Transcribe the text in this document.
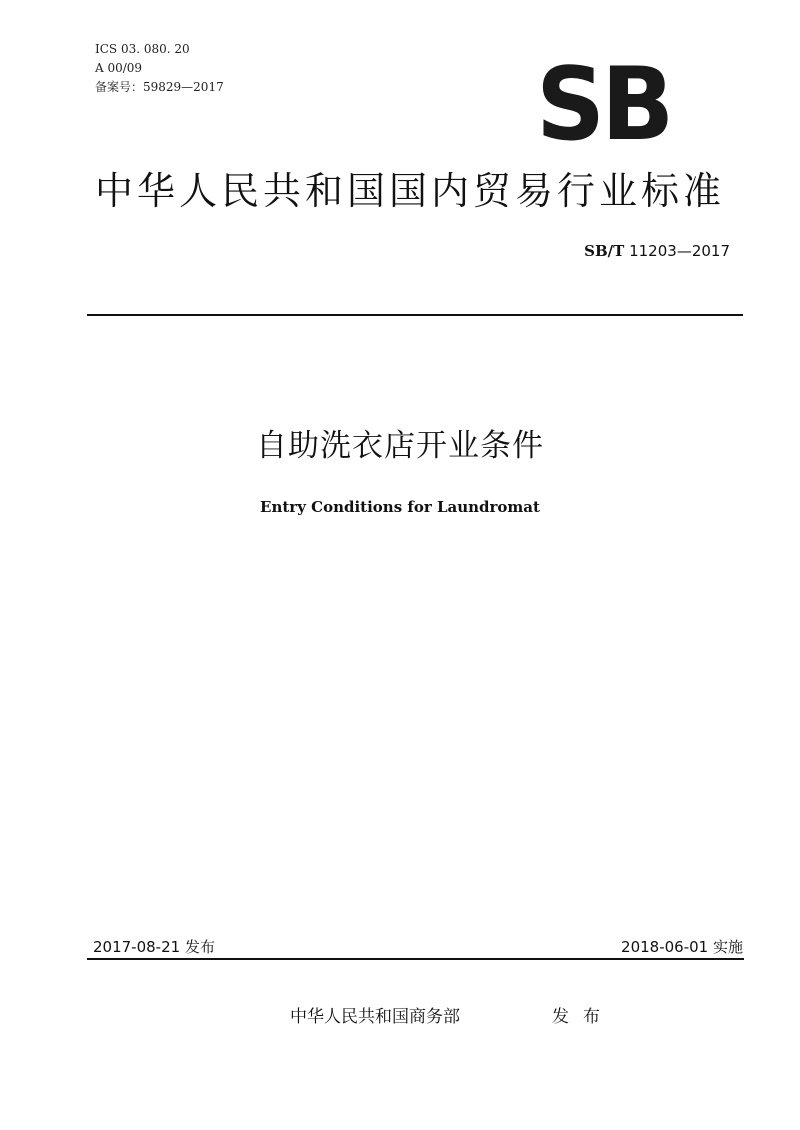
ICS 03. 080. 20
A 00/09
备案号：59829—2017	SB
中华人民共和国国内贸易行业标准
SB/T 11203—2017
自助洗衣店开业条件
Entry Conditions for Laundromat
2017-08-21 发布	2018-06-01 实施
中华人民共和国商务部	发布
